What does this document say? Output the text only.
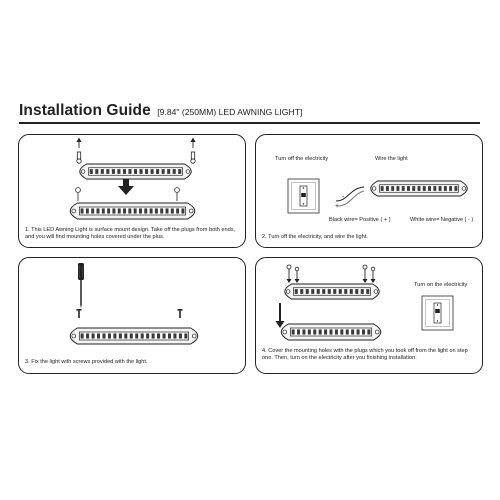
Installation Guide [9.84" (250MM) LED AWNING LIGHT]
1. This LED Awning Light is surface mount design. Take off the plugs from both ends, and you will find mounting holes covered under the plus.
Turn off the electricity	Wire the light
-
+
Black wire= Positive ( + )	White wire= Negative ( - )
2. Turn off the electricity, and wire the light.
3. Fix the light with screws provided with the light.
Turn on the electricity
4. Cover the mounting holes with the plugs which you took off from the light on step one. Then, turn on the electricity after you finishing installation.
